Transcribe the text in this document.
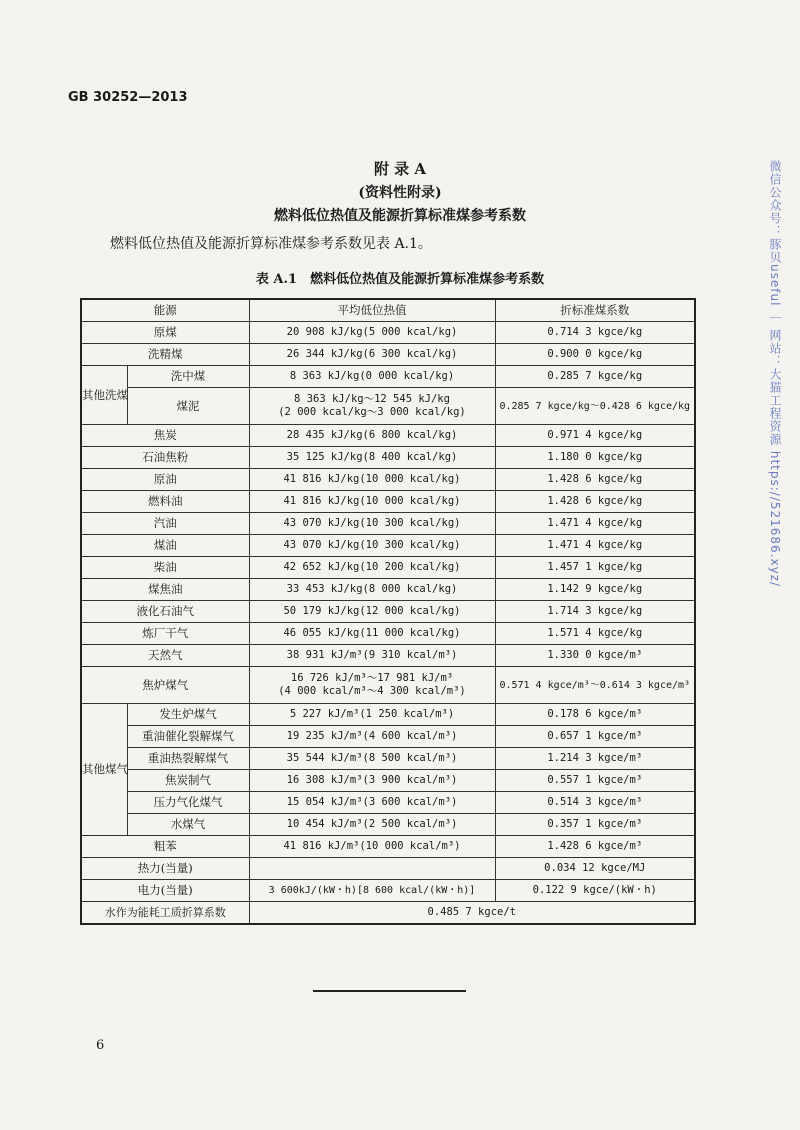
GB 30252—2013
附 录 A
(资料性附录)
燃料低位热值及能源折算标准煤参考系数
燃料低位热值及能源折算标准煤参考系数见表 A.1。
表 A.1　燃料低位热值及能源折算标准煤参考系数
能源		平均低位热值	折标准煤系数
原煤		20 908 kJ/kg(5 000 kcal/kg)	0.714 3 kgce/kg
洗精煤		26 344 kJ/kg(6 300 kcal/kg)	0.900 0 kgce/kg
其他洗煤	洗中煤	8 363 kJ/kg(0 000 kcal/kg)	0.285 7 kgce/kg
	煤泥	8 363 kJ/kg～12 545 kJ/kg
(2 000 kcal/kg～3 000 kcal/kg)	0.285 7 kgce/kg～0.428 6 kgce/kg
焦炭		28 435 kJ/kg(6 800 kcal/kg)	0.971 4 kgce/kg
石油焦粉		35 125 kJ/kg(8 400 kcal/kg)	1.180 0 kgce/kg
原油		41 816 kJ/kg(10 000 kcal/kg)	1.428 6 kgce/kg
燃料油		41 816 kJ/kg(10 000 kcal/kg)	1.428 6 kgce/kg
汽油		43 070 kJ/kg(10 300 kcal/kg)	1.471 4 kgce/kg
煤油		43 070 kJ/kg(10 300 kcal/kg)	1.471 4 kgce/kg
柴油		42 652 kJ/kg(10 200 kcal/kg)	1.457 1 kgce/kg
煤焦油		33 453 kJ/kg(8 000 kcal/kg)	1.142 9 kgce/kg
液化石油气		50 179 kJ/kg(12 000 kcal/kg)	1.714 3 kgce/kg
炼厂干气		46 055 kJ/kg(11 000 kcal/kg)	1.571 4 kgce/kg
天然气		38 931 kJ/m³(9 310 kcal/m³)	1.330 0 kgce/m³
焦炉煤气		16 726 kJ/m³～17 981 kJ/m³
(4 000 kcal/m³～4 300 kcal/m³)	0.571 4 kgce/m³～0.614 3 kgce/m³
其他煤气	发生炉煤气	5 227 kJ/m³(1 250 kcal/m³)	0.178 6 kgce/m³
	重油催化裂解煤气	19 235 kJ/m³(4 600 kcal/m³)	0.657 1 kgce/m³
	重油热裂解煤气	35 544 kJ/m³(8 500 kcal/m³)	1.214 3 kgce/m³
	焦炭制气	16 308 kJ/m³(3 900 kcal/m³)	0.557 1 kgce/m³
	压力气化煤气	15 054 kJ/m³(3 600 kcal/m³)	0.514 3 kgce/m³
	水煤气	10 454 kJ/m³(2 500 kcal/m³)	0.357 1 kgce/m³
粗苯		41 816 kJ/m³(10 000 kcal/m³)	1.428 6 kgce/m³
热力(当量)			0.034 12 kgce/MJ
电力(当量)		3 600kJ/(kW・h)[8 600 kcal/(kW・h)]	0.122 9 kgce/(kW・h)
水作为能耗工质折算系数		0.485 7 kgce/t	
6
微信公众号：豚贝useful ｜ 网站：大猫工程资源 https://521686.xyz/
